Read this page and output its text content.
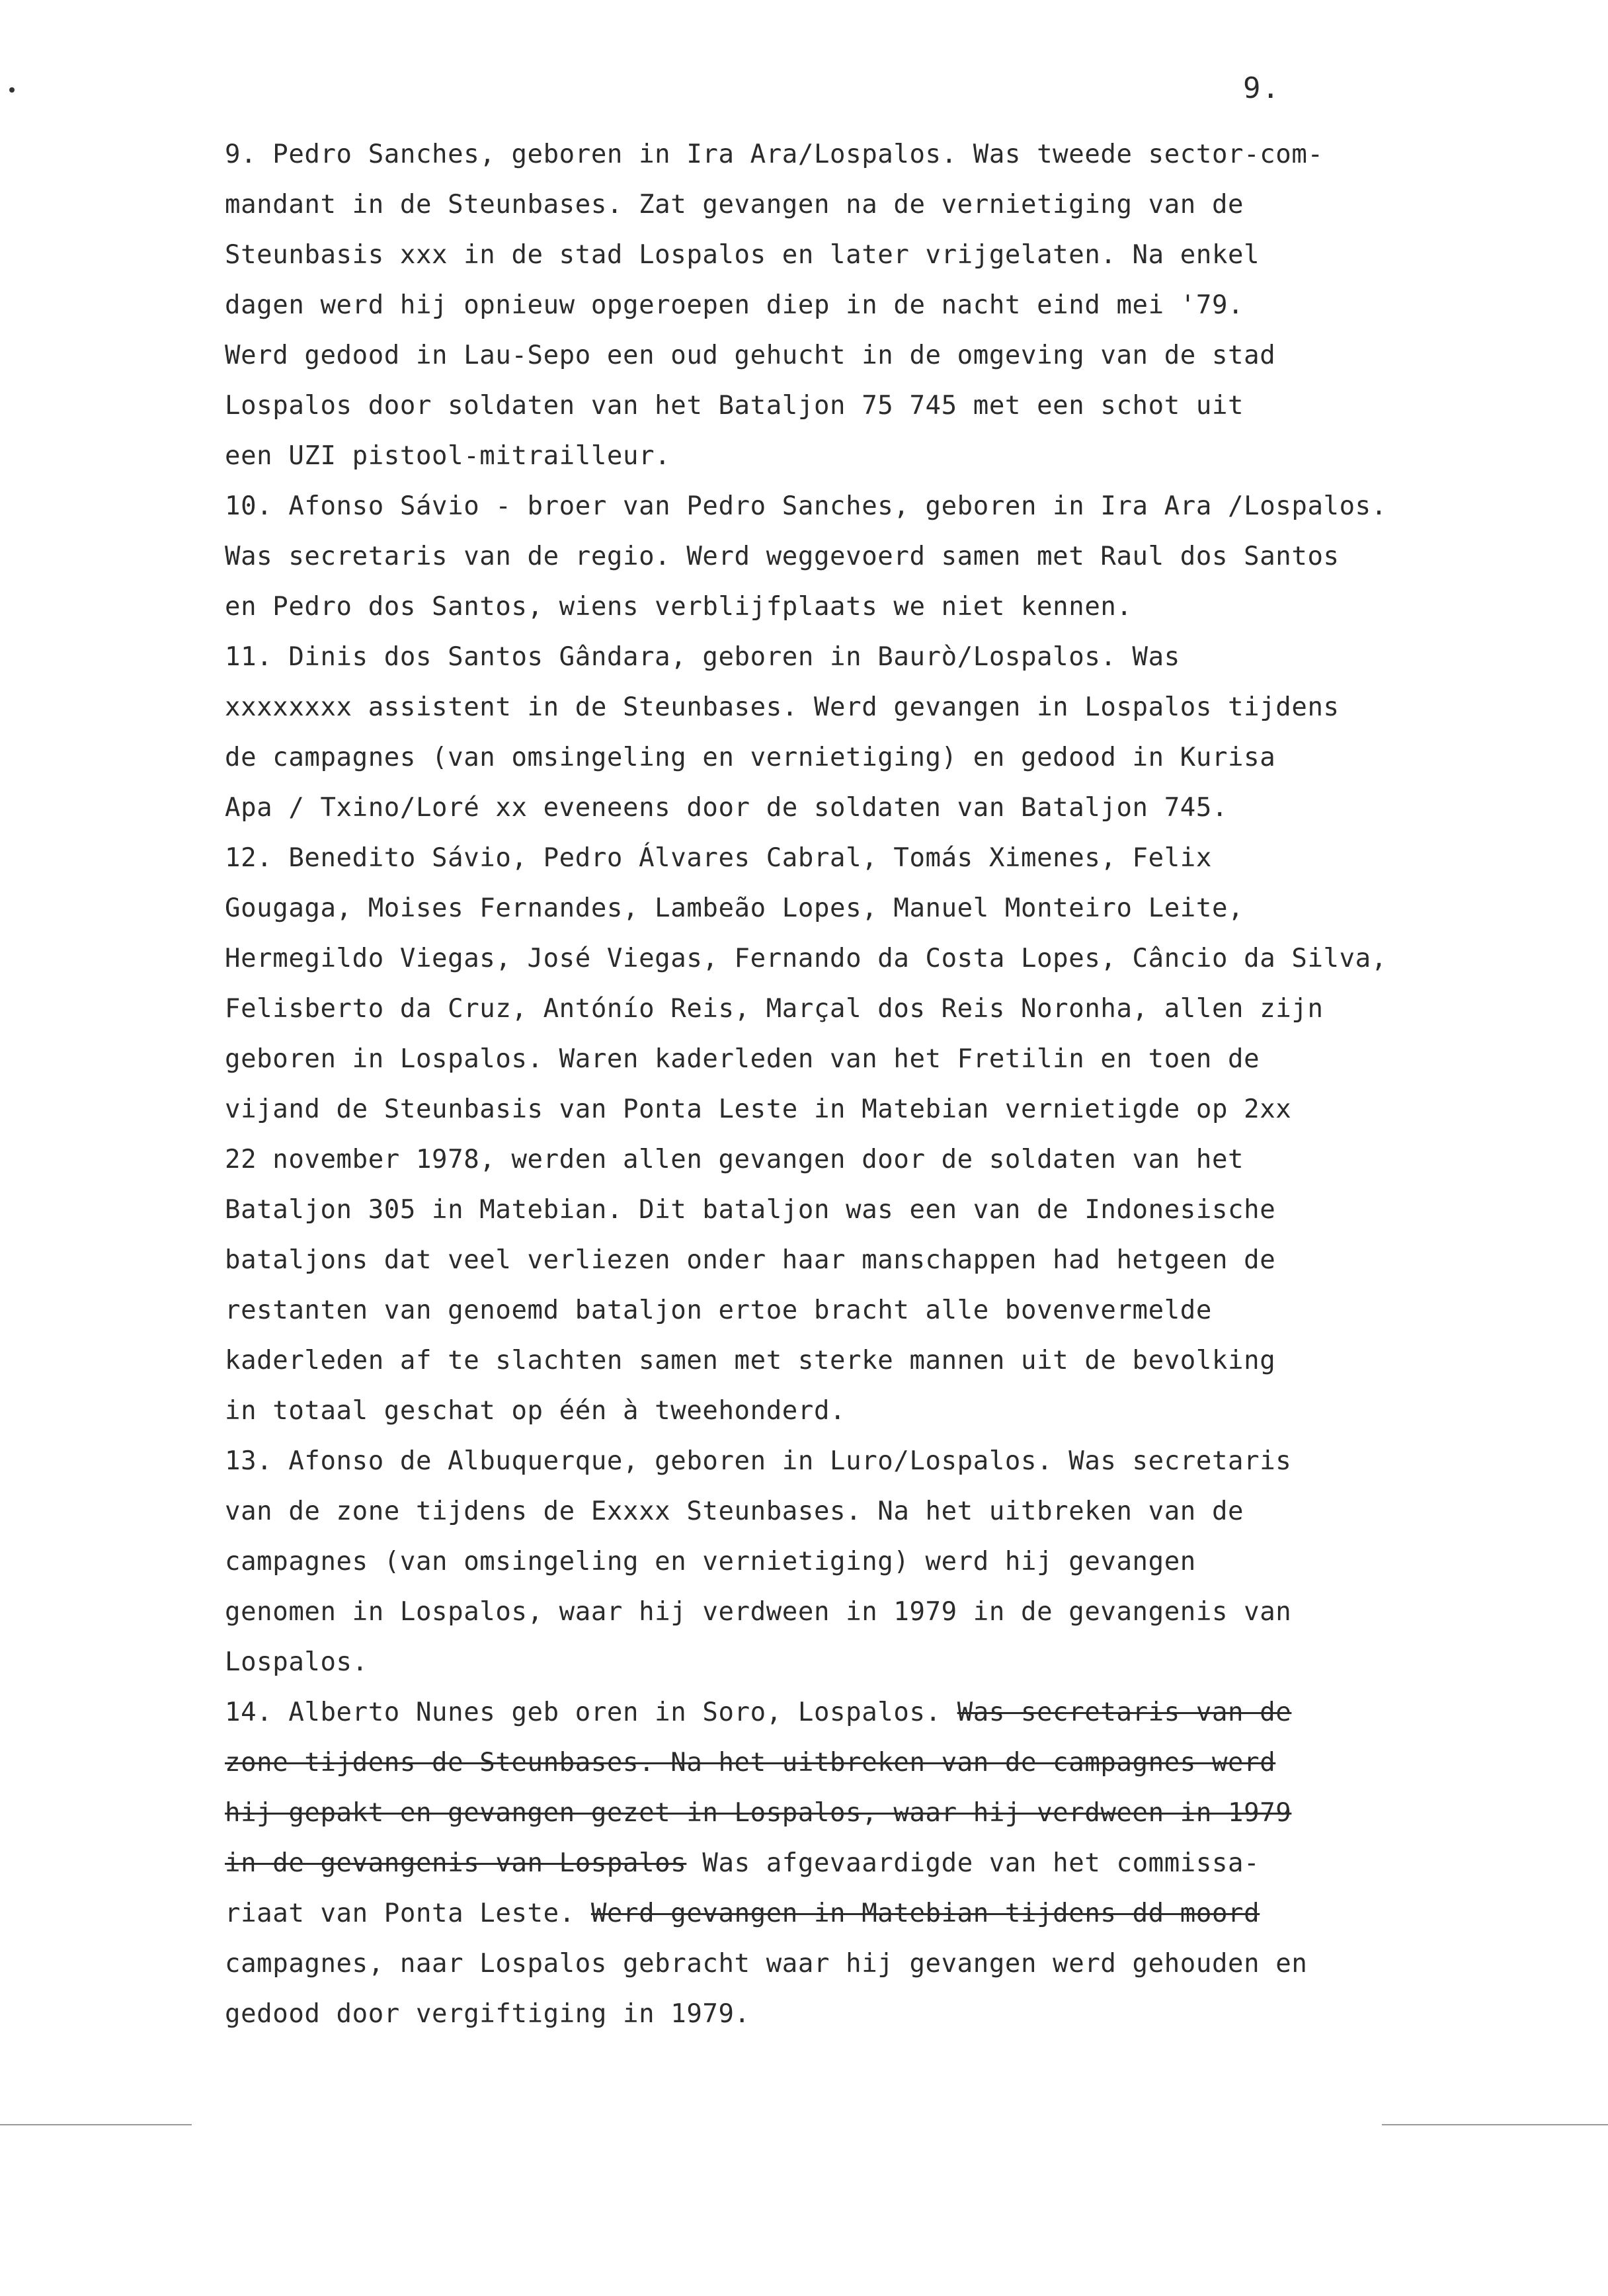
9.
9. Pedro Sanches, geboren in Ira Ara/Lospalos. Was tweede sector-com-
mandant in de Steunbases. Zat gevangen na de vernietiging van de
Steunbasis xxx in de stad Lospalos en later vrijgelaten. Na enkel
dagen werd hij opnieuw opgeroepen diep in de nacht eind mei '79.
Werd gedood in Lau-Sepo een oud gehucht in de omgeving van de stad
Lospalos door soldaten van het Bataljon 75 745 met een schot uit
een UZI pistool-mitrailleur.
10. Afonso Sávio - broer van Pedro Sanches, geboren in Ira Ara /Lospalos.
Was secretaris van de regio. Werd weggevoerd samen met Raul dos Santos
en Pedro dos Santos, wiens verblijfplaats we niet kennen.
11. Dinis dos Santos Gândara, geboren in Baurò/Lospalos. Was
xxxxxxxx assistent in de Steunbases. Werd gevangen in Lospalos tijdens
de campagnes (van omsingeling en vernietiging) en gedood in Kurisa
Apa / Txino/Loré xx eveneens door de soldaten van Bataljon 745.
12. Benedito Sávio, Pedro Álvares Cabral, Tomás Ximenes, Felix
Gougaga, Moises Fernandes, Lambeão Lopes, Manuel Monteiro Leite,
Hermegildo Viegas, José Viegas, Fernando da Costa Lopes, Câncio da Silva,
Felisberto da Cruz, Antónío Reis, Marçal dos Reis Noronha, allen zijn
geboren in Lospalos. Waren kaderleden van het Fretilin en toen de
vijand de Steunbasis van Ponta Leste in Matebian vernietigde op 2xx
22 november 1978, werden allen gevangen door de soldaten van het
Bataljon 305 in Matebian. Dit bataljon was een van de Indonesische
bataljons dat veel verliezen onder haar manschappen had hetgeen de
restanten van genoemd bataljon ertoe bracht alle bovenvermelde
kaderleden af te slachten samen met sterke mannen uit de bevolking
in totaal geschat op één à tweehonderd.
13. Afonso de Albuquerque, geboren in Luro/Lospalos. Was secretaris
van de zone tijdens de Exxxx Steunbases. Na het uitbreken van de
campagnes (van omsingeling en vernietiging) werd hij gevangen
genomen in Lospalos, waar hij verdween in 1979 in de gevangenis van
Lospalos.
14. Alberto Nunes geb oren in Soro, Lospalos. Was secretaris van de
zone tijdens de Steunbases. Na het uitbreken van de campagnes werd
hij gepakt en gevangen gezet in Lospalos, waar hij verdween in 1979
in de gevangenis van Lospalos Was afgevaardigde van het commissa-
riaat van Ponta Leste. Werd gevangen in Matebian tijdens dd moord
campagnes, naar Lospalos gebracht waar hij gevangen werd gehouden en
gedood door vergiftiging in 1979.
